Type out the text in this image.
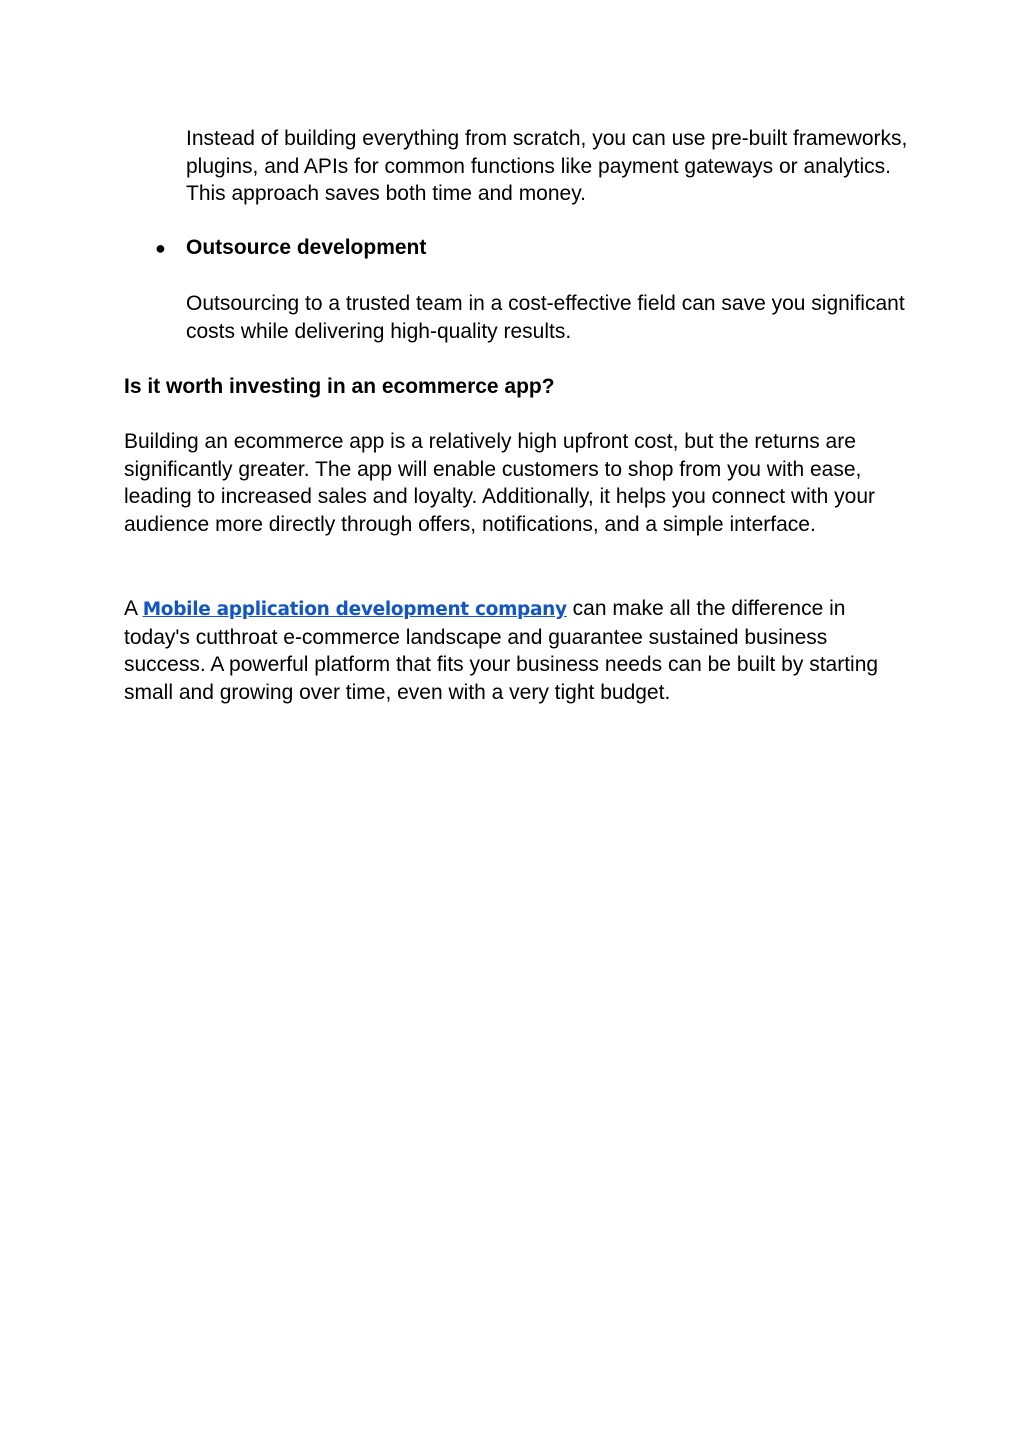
Instead of building everything from scratch, you can use pre-built frameworks, plugins, and APIs for common functions like payment gateways or analytics. This approach saves both time and money.

● Outsource development

Outsourcing to a trusted team in a cost-effective field can save you significant costs while delivering high-quality results.

Is it worth investing in an ecommerce app?

Building an ecommerce app is a relatively high upfront cost, but the returns are significantly greater. The app will enable customers to shop from you with ease, leading to increased sales and loyalty. Additionally, it helps you connect with your audience more directly through offers, notifications, and a simple interface.

A Mobile application development company can make all the difference in today's cutthroat e-commerce landscape and guarantee sustained business success. A powerful platform that fits your business needs can be built by starting small and growing over time, even with a very tight budget.
